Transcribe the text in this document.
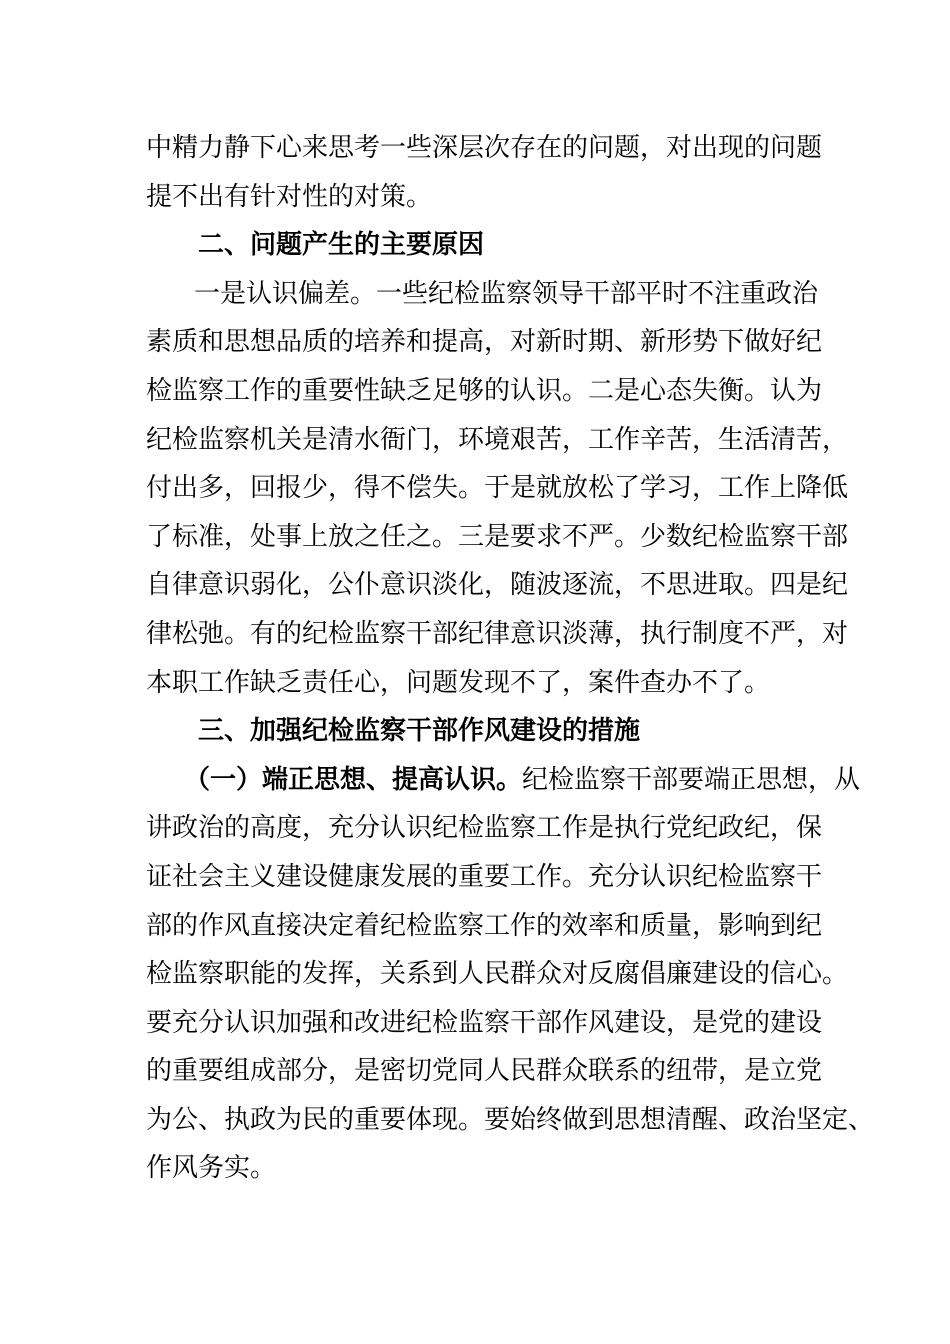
中精力静下心来思考一些深层次存在的问题，对出现的问题
提不出有针对性的对策。
二、问题产生的主要原因
一是认识偏差。一些纪检监察领导干部平时不注重政治
素质和思想品质的培养和提高，对新时期、新形势下做好纪
检监察工作的重要性缺乏足够的认识。二是心态失衡。认为
纪检监察机关是清水衙门，环境艰苦，工作辛苦，生活清苦，
付出多，回报少，得不偿失。于是就放松了学习，工作上降低
了标准，处事上放之任之。三是要求不严。少数纪检监察干部
自律意识弱化，公仆意识淡化，随波逐流，不思进取。四是纪
律松弛。有的纪检监察干部纪律意识淡薄，执行制度不严，对
本职工作缺乏责任心，问题发现不了，案件查办不了。
三、加强纪检监察干部作风建设的措施
（一）端正思想、提高认识。纪检监察干部要端正思想，从
讲政治的高度，充分认识纪检监察工作是执行党纪政纪，保
证社会主义建设健康发展的重要工作。充分认识纪检监察干
部的作风直接决定着纪检监察工作的效率和质量，影响到纪
检监察职能的发挥，关系到人民群众对反腐倡廉建设的信心。
要充分认识加强和改进纪检监察干部作风建设，是党的建设
的重要组成部分，是密切党同人民群众联系的纽带，是立党
为公、执政为民的重要体现。要始终做到思想清醒、政治坚定、
作风务实。
